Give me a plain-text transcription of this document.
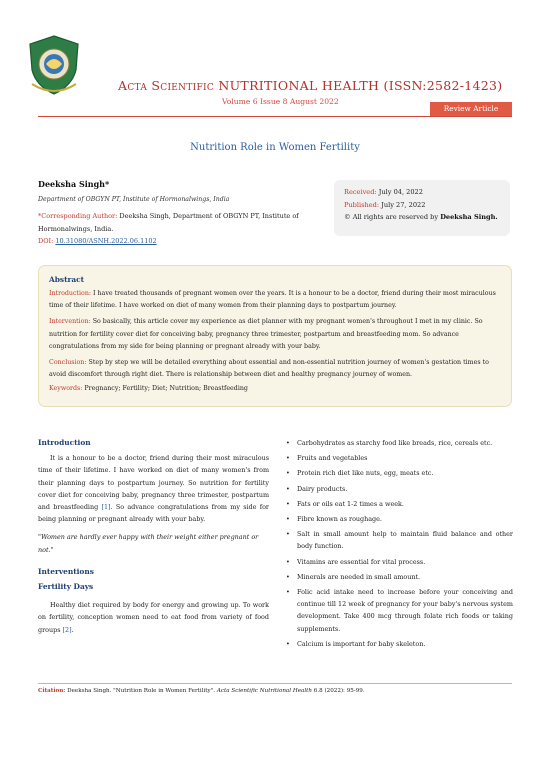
Acta Scientific NUTRITIONAL HEALTH (ISSN:2582-1423)
Volume 6 Issue 8 August 2022
Review Article
Nutrition Role in Women Fertility
Deeksha Singh*
Department of OBGYN PT, Institute of Hormonalwings, India
*Corresponding Author: Deeksha Singh, Department of OBGYN PT, Institute of Hormonalwings, India.
DOI: 10.31080/ASNH.2022.06.1102
Received: July 04, 2022
Published: July 27, 2022
© All rights are reserved by Deeksha Singh.
Abstract

Introduction: I have treated thousands of pregnant women over the years. It is a honour to be a doctor, friend during their most miraculous time of their lifetime. I have worked on diet of many women from their planning days to postpartum journey.

Intervention: So basically, this article cover my experience as diet planner with my pregnant women's throughout I met in my clinic. So nutrition for fertility cover diet for conceiving baby, pregnancy three trimester, postpartum and breastfeeding mom. So advance congratulations from my side for being planning or pregnant already with your baby.

Conclusion: Step by step we will be detailed everything about essential and non-essential nutrition journey of women's gestation times to avoid discomfort through right diet. There is relationship between diet and healthy pregnancy journey of women.

Keywords: Pregnancy; Fertility; Diet; Nutrition; Breastfeeding

Introduction

It is a honour to be a doctor, friend during their most miraculous time of their lifetime. I have worked on diet of many women's from their planning days to postpartum journey. So nutrition for fertility cover diet for conceiving baby, pregnancy three trimester, postpartum and breastfeeding [1]. So advance congratulations from my side for being planning or pregnant already with your baby.

"Women are hardly ever happy with their weight either pregnant or not."

Interventions
Fertility Days

Healthy diet required by body for energy and growing up. To work on fertility, conception women need to eat food from variety of food groups [2].

• Carbohydrates as starchy food like breads, rice, cereals etc.
• Fruits and vegetables
• Protein rich diet like nuts, egg, meats etc.
• Dairy products.
• Fats or oils eat 1-2 times a week.
• Fibre known as roughage.
• Salt in small amount help to maintain fluid balance and other body function.
• Vitamins are essential for vital process.
• Minerals are needed in small amount.
• Folic acid intake need to increase before your conceiving and continue till 12 week of pregnancy for your baby's nervous system development. Take 400 mcg through folate rich foods or taking supplements.
• Calcium is important for baby skeleton.
Citation: Deeksha Singh. "Nutrition Role in Women Fertility". Acta Scientific Nutritional Health 6.8 (2022): 95-99.
